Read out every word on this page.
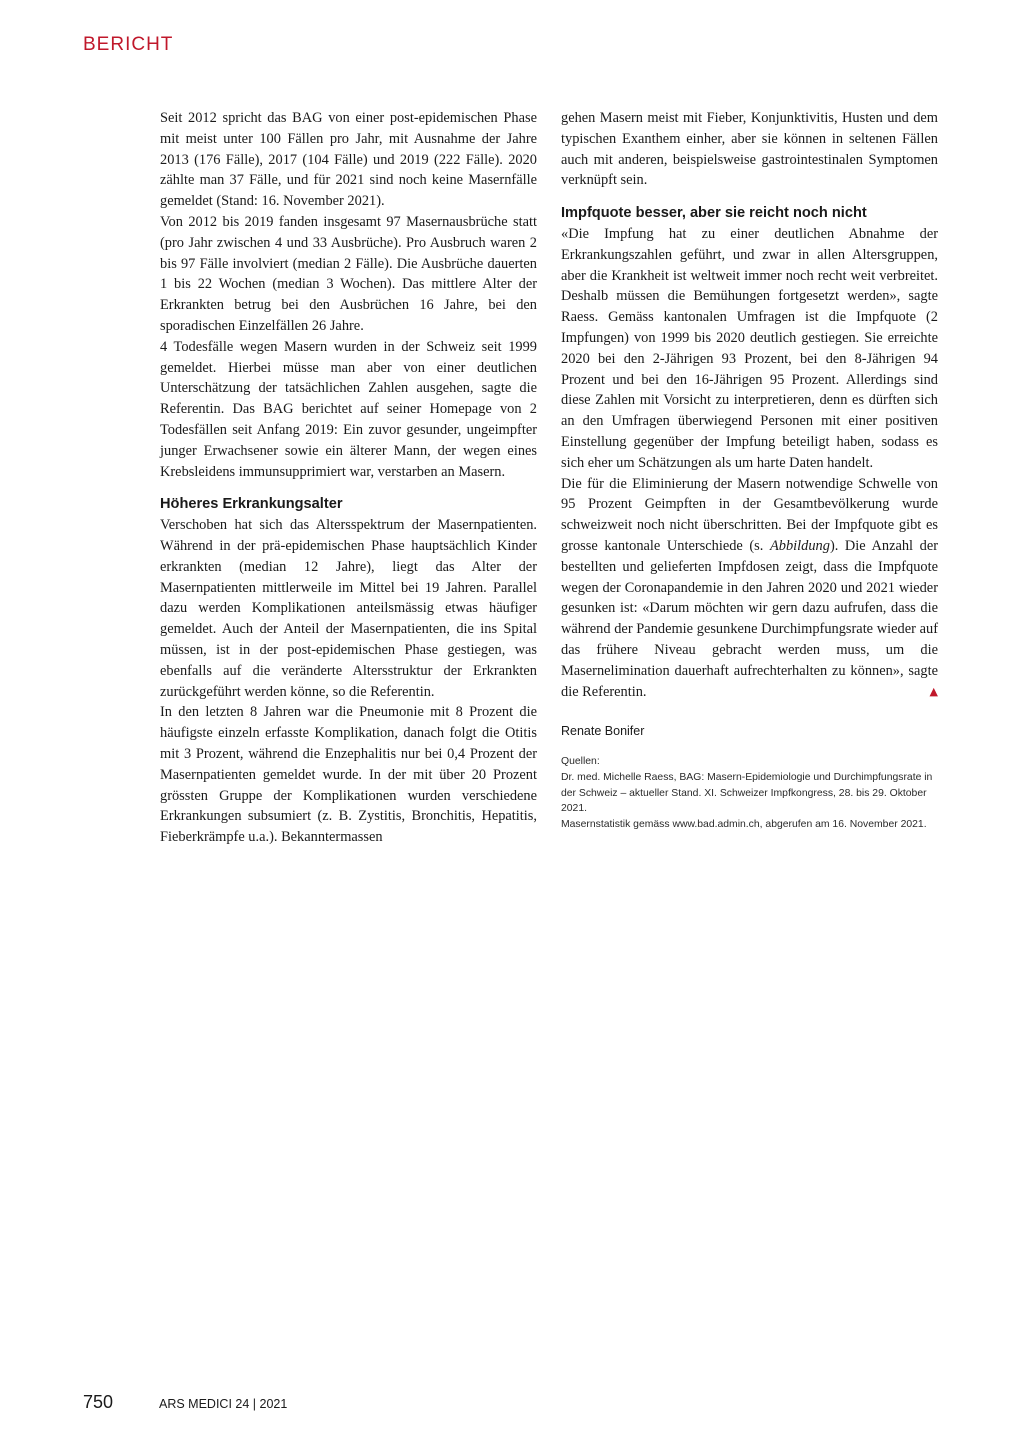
BERICHT

Seit 2012 spricht das BAG von einer post-epidemischen Phase mit meist unter 100 Fällen pro Jahr, mit Ausnahme der Jahre 2013 (176 Fälle), 2017 (104 Fälle) und 2019 (222 Fälle). 2020 zählte man 37 Fälle, und für 2021 sind noch keine Masernfälle gemeldet (Stand: 16. November 2021).

Von 2012 bis 2019 fanden insgesamt 97 Masernausbrüche statt (pro Jahr zwischen 4 und 33 Ausbrüche). Pro Ausbruch waren 2 bis 97 Fälle involviert (median 2 Fälle). Die Ausbrüche dauerten 1 bis 22 Wochen (median 3 Wochen). Das mittlere Alter der Erkrankten betrug bei den Ausbrüchen 16 Jahre, bei den sporadischen Einzelfällen 26 Jahre.

4 Todesfälle wegen Masern wurden in der Schweiz seit 1999 gemeldet. Hierbei müsse man aber von einer deutlichen Unterschätzung der tatsächlichen Zahlen ausgehen, sagte die Referentin. Das BAG berichtet auf seiner Homepage von 2 Todesfällen seit Anfang 2019: Ein zuvor gesunder, ungeimpfter junger Erwachsener sowie ein älterer Mann, der wegen eines Krebsleidens immunsupprimiert war, verstarben an Masern.

Höheres Erkrankungsalter

Verschoben hat sich das Altersspektrum der Masernpatienten. Während in der prä-epidemischen Phase hauptsächlich Kinder erkrankten (median 12 Jahre), liegt das Alter der Masernpatienten mittlerweile im Mittel bei 19 Jahren. Parallel dazu werden Komplikationen anteilsmässig etwas häufiger gemeldet. Auch der Anteil der Masernpatienten, die ins Spital müssen, ist in der post-epidemischen Phase gestiegen, was ebenfalls auf die veränderte Altersstruktur der Erkrankten zurückgeführt werden könne, so die Referentin.

In den letzten 8 Jahren war die Pneumonie mit 8 Prozent die häufigste einzeln erfasste Komplikation, danach folgt die Otitis mit 3 Prozent, während die Enzephalitis nur bei 0,4 Prozent der Masernpatienten gemeldet wurde. In der mit über 20 Prozent grössten Gruppe der Komplikationen wurden verschiedene Erkrankungen subsumiert (z. B. Zystitis, Bronchitis, Hepatitis, Fieberkrämpfe u.a.). Bekanntermassen

gehen Masern meist mit Fieber, Konjunktivitis, Husten und dem typischen Exanthem einher, aber sie können in seltenen Fällen auch mit anderen, beispielsweise gastrointestinalen Symptomen verknüpft sein.

Impfquote besser, aber sie reicht noch nicht

«Die Impfung hat zu einer deutlichen Abnahme der Erkrankungszahlen geführt, und zwar in allen Altersgruppen, aber die Krankheit ist weltweit immer noch recht weit verbreitet. Deshalb müssen die Bemühungen fortgesetzt werden», sagte Raess. Gemäss kantonalen Umfragen ist die Impfquote (2 Impfungen) von 1999 bis 2020 deutlich gestiegen. Sie erreichte 2020 bei den 2-Jährigen 93 Prozent, bei den 8-Jährigen 94 Prozent und bei den 16-Jährigen 95 Prozent. Allerdings sind diese Zahlen mit Vorsicht zu interpretieren, denn es dürften sich an den Umfragen überwiegend Personen mit einer positiven Einstellung gegenüber der Impfung beteiligt haben, sodass es sich eher um Schätzungen als um harte Daten handelt.

Die für die Eliminierung der Masern notwendige Schwelle von 95 Prozent Geimpften in der Gesamtbevölkerung wurde schweizweit noch nicht überschritten. Bei der Impfquote gibt es grosse kantonale Unterschiede (s. Abbildung). Die Anzahl der bestellten und gelieferten Impfdosen zeigt, dass die Impfquote wegen der Coronapandemie in den Jahren 2020 und 2021 wieder gesunken ist: «Darum möchten wir gern dazu aufrufen, dass die während der Pandemie gesunkene Durchimpfungsrate wieder auf das frühere Niveau gebracht werden muss, um die Masernelimination dauerhaft aufrechterhalten zu können», sagte die Referentin.	▲

Renate Bonifer
Quellen:
Dr. med. Michelle Raess, BAG: Masern-Epidemiologie und Durchimpfungsrate in der Schweiz – aktueller Stand. XI. Schweizer Impfkongress, 28. bis 29. Oktober 2021.
Masernstatistik gemäss www.bad.admin.ch, abgerufen am 16. November 2021.
750	ARS MEDICI 24 | 2021
